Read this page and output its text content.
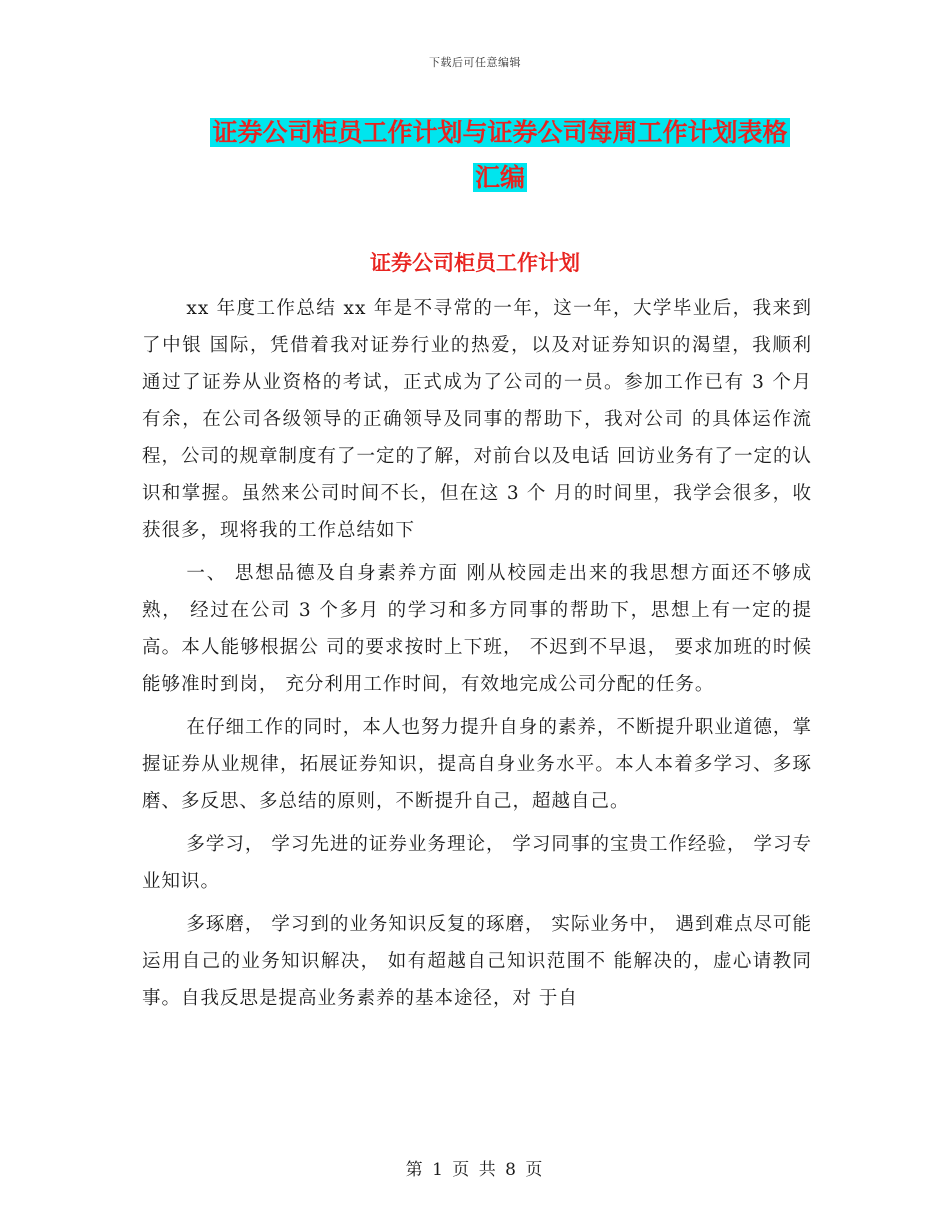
下载后可任意编辑
证券公司柜员工作计划与证券公司每周工作计划表格
汇编
证券公司柜员工作计划

xx 年度工作总结 xx 年是不寻常的一年，这一年，大学毕业后，我来到了中银 国际，凭借着我对证券行业的热爱，以及对证券知识的渴望，我顺利 通过了证券从业资格的考试，正式成为了公司的一员。参加工作已有 3 个月有余，在公司各级领导的正确领导及同事的帮助下，我对公司 的具体运作流程，公司的规章制度有了一定的了解，对前台以及电话 回访业务有了一定的认识和掌握。虽然来公司时间不长，但在这 3 个 月的时间里，我学会很多，收获很多，现将我的工作总结如下

一、 思想品德及自身素养方面 刚从校园走出来的我思想方面还不够成熟， 经过在公司 3 个多月 的学习和多方同事的帮助下，思想上有一定的提高。本人能够根据公 司的要求按时上下班， 不迟到不早退， 要求加班的时候能够准时到岗， 充分利用工作时间，有效地完成公司分配的任务。

在仔细工作的同时，本人也努力提升自身的素养，不断提升职业道德，掌握证券从业规律，拓展证券知识，提高自身业务水平。本人本着多学习、多琢磨、多反思、多总结的原则，不断提升自己，超越自己。

多学习， 学习先进的证券业务理论， 学习同事的宝贵工作经验， 学习专业知识。

多琢磨， 学习到的业务知识反复的琢磨， 实际业务中， 遇到难点尽可能运用自己的业务知识解决， 如有超越自己知识范围不 能解决的，虚心请教同事。自我反思是提高业务素养的基本途径，对 于自

第 1 页 共 8 页
